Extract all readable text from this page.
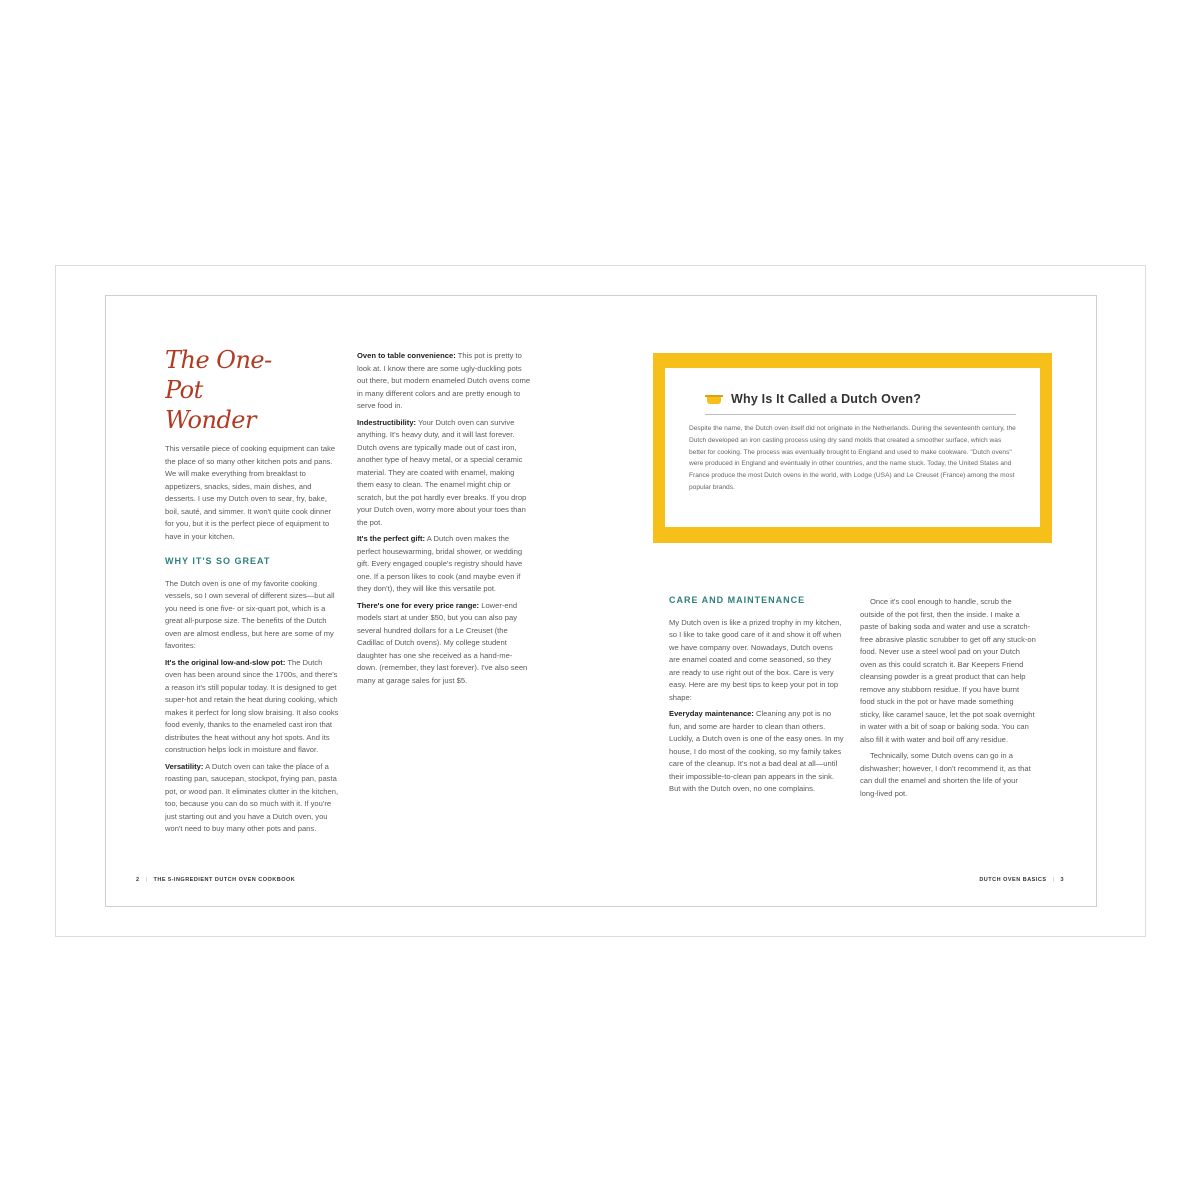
The One-Pot Wonder

This versatile piece of cooking equipment can take the place of so many other kitchen pots and pans. We will make everything from breakfast to appetizers, snacks, sides, main dishes, and desserts. I use my Dutch oven to sear, fry, bake, boil, sauté, and simmer. It won't quite cook dinner for you, but it is the perfect piece of equipment to have in your kitchen.

WHY IT'S SO GREAT

The Dutch oven is one of my favorite cooking vessels, so I own several of different sizes—but all you need is one five- or six-quart pot, which is a great all-purpose size. The benefits of the Dutch oven are almost endless, but here are some of my favorites:

It's the original low-and-slow pot: The Dutch oven has been around since the 1700s, and there's a reason it's still popular today. It is designed to get super-hot and retain the heat during cooking, which makes it perfect for long slow braising. It also cooks food evenly, thanks to the enameled cast iron that distributes the heat without any hot spots. And its construction helps lock in moisture and flavor.

Versatility: A Dutch oven can take the place of a roasting pan, saucepan, stockpot, frying pan, pasta pot, or wood pan. It eliminates clutter in the kitchen, too, because you can do so much with it. If you're just starting out and you have a Dutch oven, you won't need to buy many other pots and pans.

Oven to table convenience: This pot is pretty to look at. I know there are some ugly-duckling pots out there, but modern enameled Dutch ovens come in many different colors and are pretty enough to serve food in.

Indestructibility: Your Dutch oven can survive anything. It's heavy duty, and it will last forever. Dutch ovens are typically made out of cast iron, another type of heavy metal, or a special ceramic material. They are coated with enamel, making them easy to clean. The enamel might chip or scratch, but the pot hardly ever breaks. If you drop your Dutch oven, worry more about your toes than the pot.

It's the perfect gift: A Dutch oven makes the perfect housewarming, bridal shower, or wedding gift. Every engaged couple's registry should have one. If a person likes to cook (and maybe even if they don't), they will like this versatile pot.

There's one for every price range: Lower-end models start at under $50, but you can also pay several hundred dollars for a Le Creuset (the Cadillac of Dutch ovens). My college student daughter has one she received as a hand-me-down. (remember, they last forever). I've also seen many at garage sales for just $5.

Why Is It Called a Dutch Oven?

Despite the name, the Dutch oven itself did not originate in the Netherlands. During the seventeenth century, the Dutch developed an iron casting process using dry sand molds that created a smoother surface, which was better for cooking. The process was eventually brought to England and used to make cookware. "Dutch ovens" were produced in England and eventually in other countries, and the name stuck. Today, the United States and France produce the most Dutch ovens in the world, with Lodge (USA) and Le Creuset (France) among the most popular brands.

CARE AND MAINTENANCE

My Dutch oven is like a prized trophy in my kitchen, so I like to take good care of it and show it off when we have company over. Nowadays, Dutch ovens are enamel coated and come seasoned, so they are ready to use right out of the box. Care is very easy. Here are my best tips to keep your pot in top shape:

Everyday maintenance: Cleaning any pot is no fun, and some are harder to clean than others. Luckily, a Dutch oven is one of the easy ones. In my house, I do most of the cooking, so my family takes care of the cleanup. It's not a bad deal at all—until their impossible-to-clean pan appears in the sink. But with the Dutch oven, no one complains.

Once it's cool enough to handle, scrub the outside of the pot first, then the inside. I make a paste of baking soda and water and use a scratch-free abrasive plastic scrubber to get off any stuck-on food. Never use a steel wool pad on your Dutch oven as this could scratch it. Bar Keepers Friend cleansing powder is a great product that can help remove any stubborn residue. If you have burnt food stuck in the pot or have made something sticky, like caramel sauce, let the pot soak overnight in water with a bit of soap or baking soda. You can also fill it with water and boil off any residue.

Technically, some Dutch ovens can go in a dishwasher; however, I don't recommend it, as that can dull the enamel and shorten the life of your long-lived pot.

2 | THE 5-INGREDIENT DUTCH OVEN COOKBOOK	DUTCH OVEN BASICS | 3
